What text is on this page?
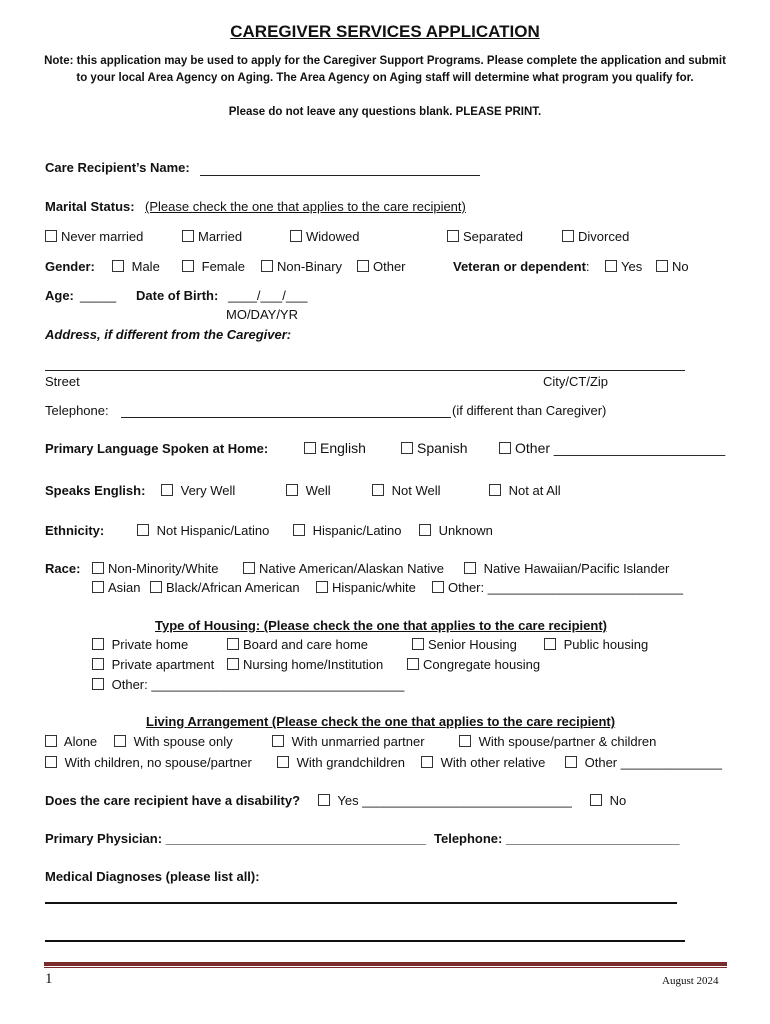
CAREGIVER SERVICES APPLICATION
Note: this application may be used to apply for the Caregiver Support Programs. Please complete the application and submit to your local Area Agency on Aging. The Area Agency on Aging staff will determine what program you qualify for.
Please do not leave any questions blank. PLEASE PRINT.
Care Recipient’s Name:
Marital Status: (Please check the one that applies to the care recipient)
Never married	Married	Widowed	Separated	Divorced
Gender:	Male	Female	Non-Binary	Other	Veteran or dependent:	Yes	No
Age: _____ Date of Birth: ____/___/___
MO/DAY/YR
Address, if different from the Caregiver:
Street	City/CT/Zip
Telephone:	(if different than Caregiver)
Primary Language Spoken at Home:	English	Spanish	Other ______________________
Speaks English:	Very Well	Well	Not Well	Not at All
Ethnicity:	Not Hispanic/Latino	Hispanic/Latino	Unknown
Race:	Non-Minority/White	Native American/Alaskan Native	Native Hawaiian/Pacific Islander
Asian	Black/African American	Hispanic/white	Other: ___________________________
Type of Housing: (Please check the one that applies to the care recipient)
Private home	Board and care home	Senior Housing	Public housing
Private apartment	Nursing home/Institution	Congregate housing
Other: ___________________________________
Living Arrangement (Please check the one that applies to the care recipient)
Alone	With spouse only	With unmarried partner	With spouse/partner & children
With children, no spouse/partner	With grandchildren	With other relative	Other ______________
Does the care recipient have a disability?	Yes _____________________________	No
Primary Physician: ____________________________________ Telephone: ________________________
Medical Diagnoses (please list all):
1	August 2024
